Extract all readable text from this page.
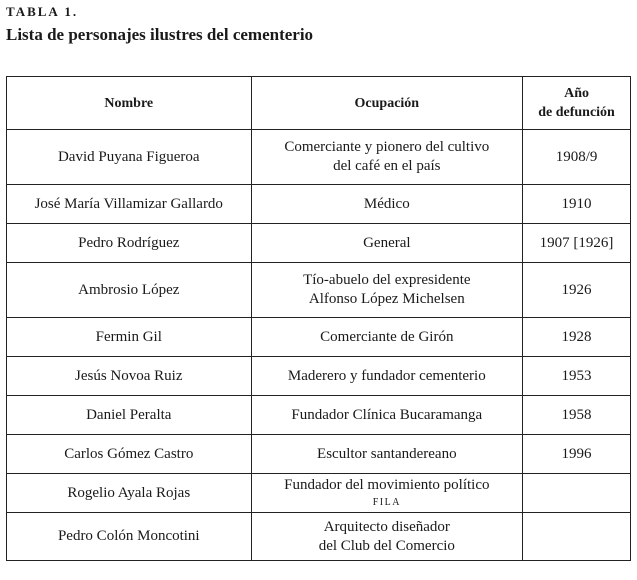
TABLA 1.
Lista de personajes ilustres del cementerio
Nombre	Ocupación	Año
de defunción

David Puyana Figueroa	Comerciante y pionero del cultivo
del café en el país	1908/9
José María Villamizar Gallardo	Médico	1910
Pedro Rodríguez	General	1907 [1926]
Ambrosio López	Tío-abuelo del expresidente
Alfonso López Michelsen	1926
Fermin Gil	Comerciante de Girón	1928
Jesús Novoa Ruiz	Maderero y fundador cementerio	1953
Daniel Peralta	Fundador Clínica Bucaramanga	1958
Carlos Gómez Castro	Escultor santandereano	1996
Rogelio Ayala Rojas	Fundador del movimiento político
FILA	

Pedro Colón Moncotini	Arquitecto diseñador
del Club del Comercio	
